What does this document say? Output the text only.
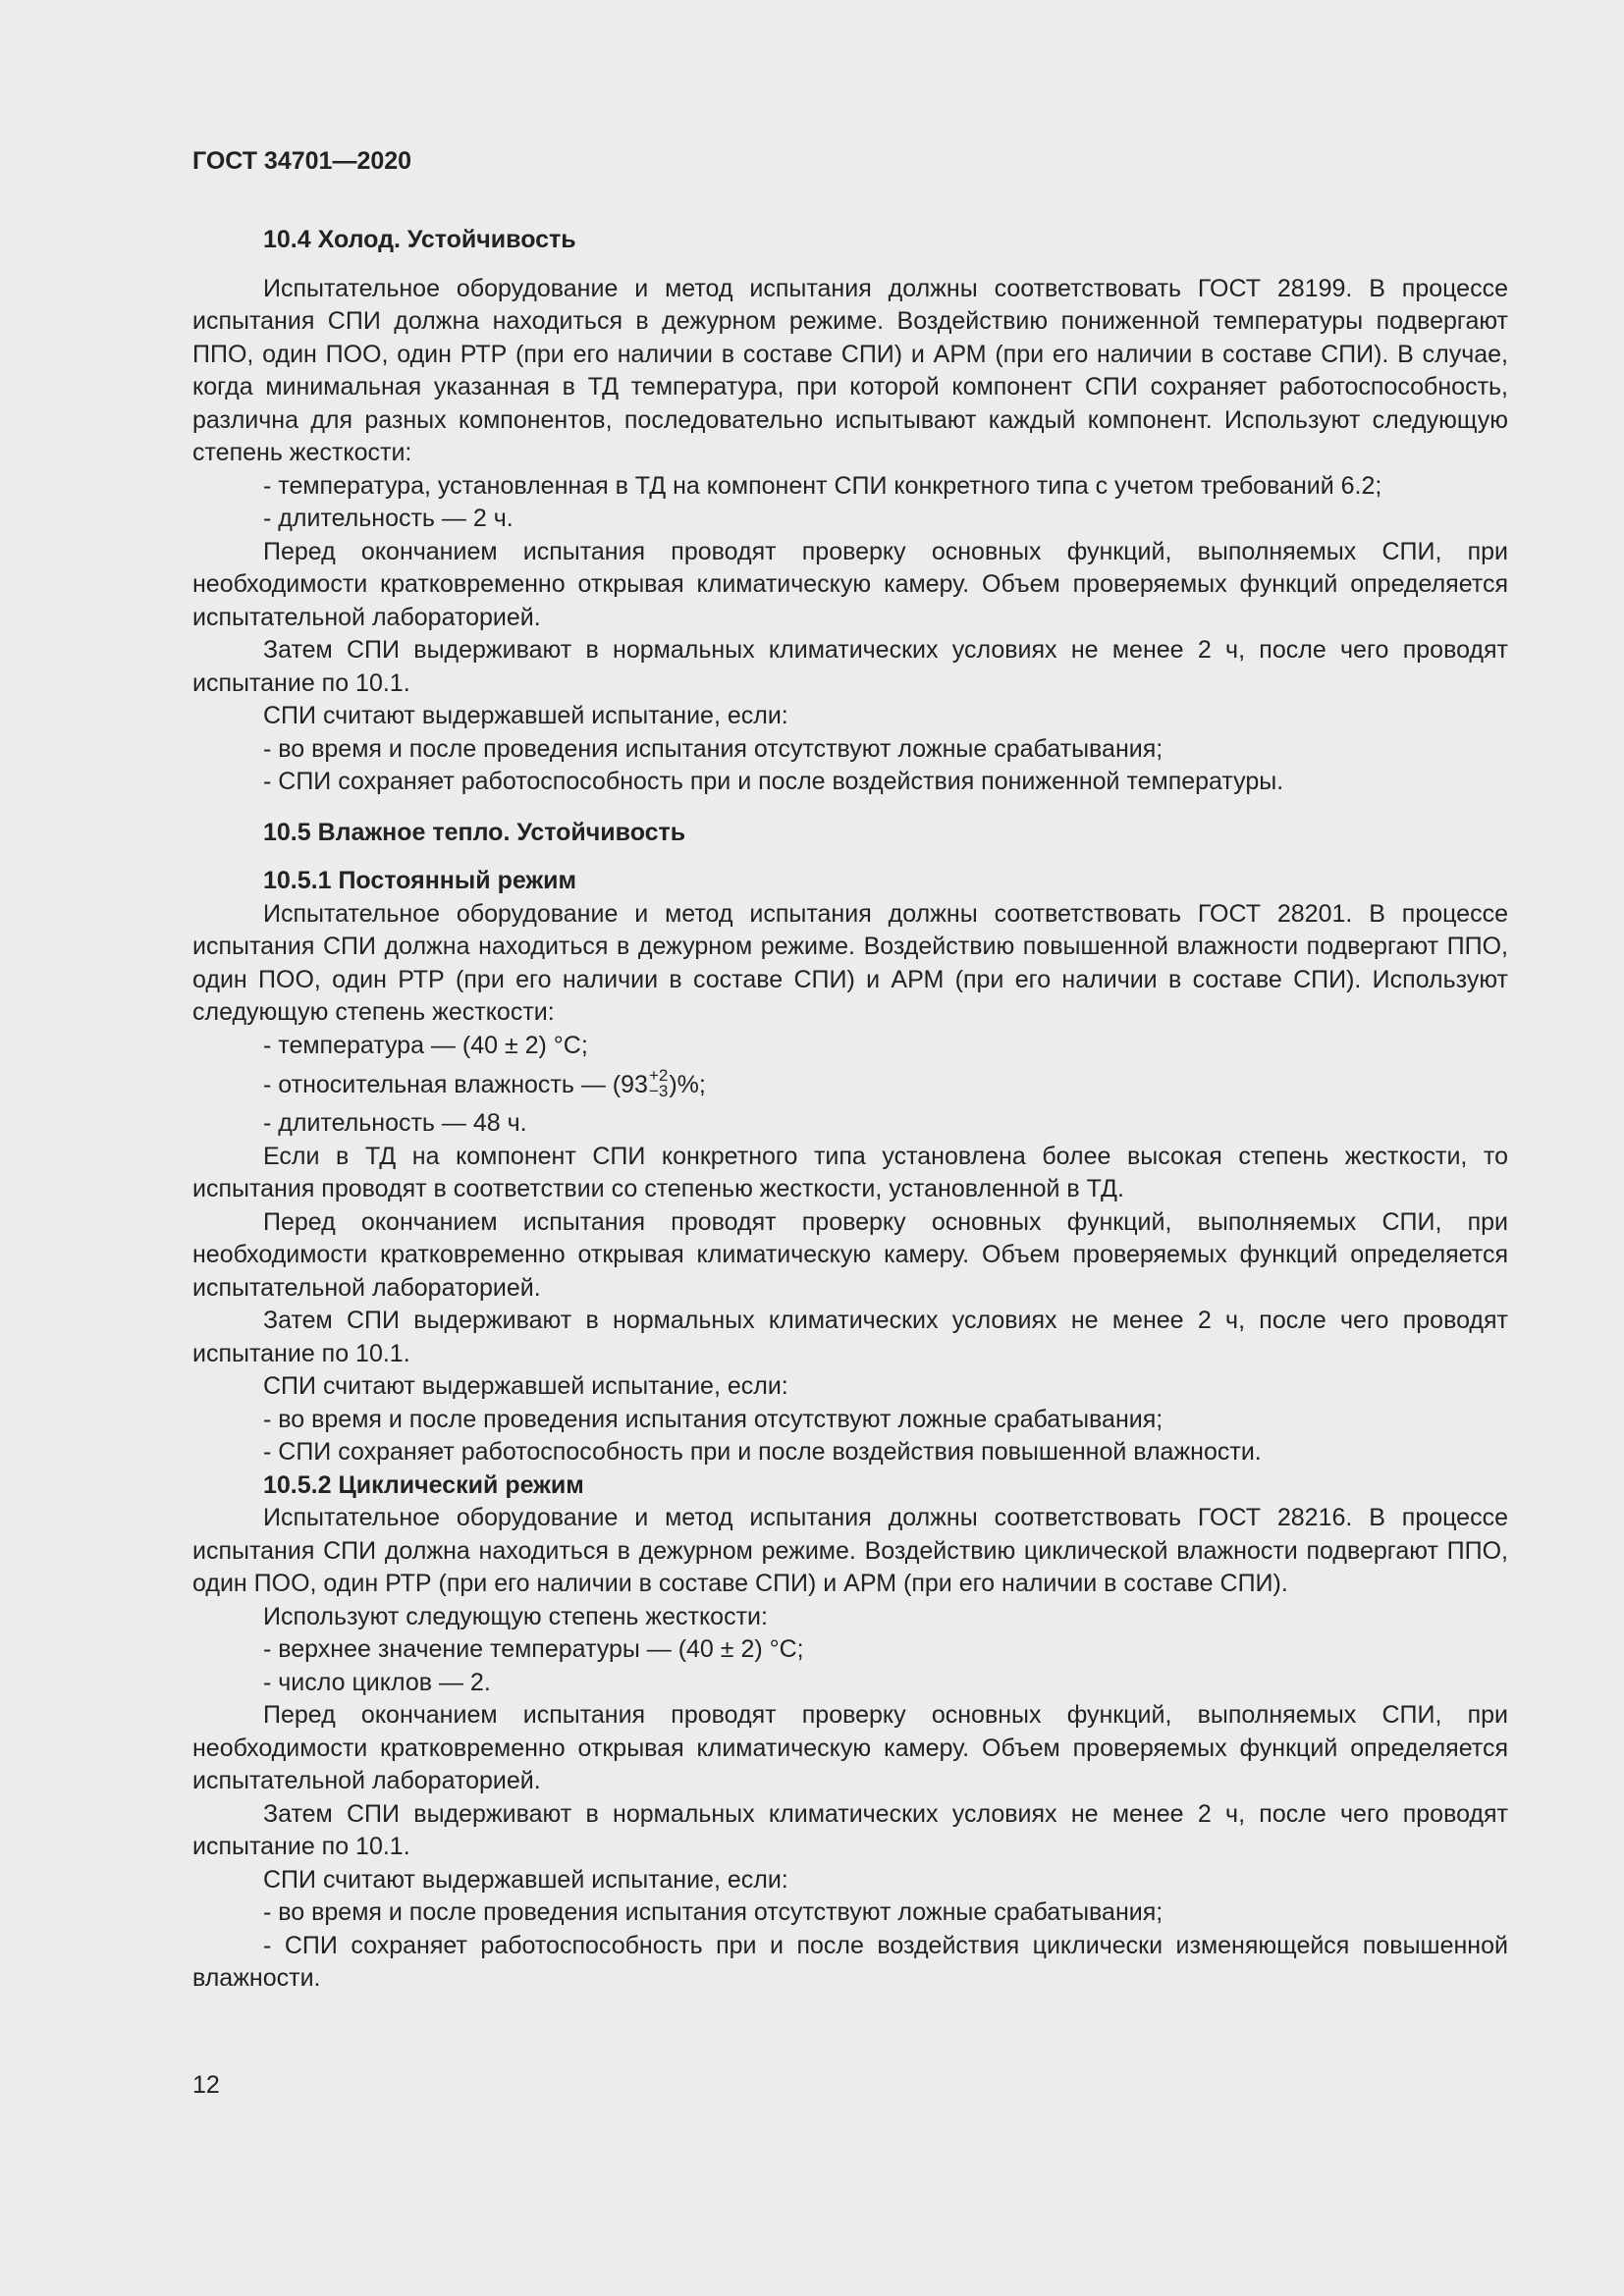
ГОСТ 34701—2020

10.4 Холод. Устойчивость

Испытательное оборудование и метод испытания должны соответствовать ГОСТ 28199. В процессе испытания СПИ должна находиться в дежурном режиме. Воздействию пониженной температуры подвергают ППО, один ПОО, один РТР (при его наличии в составе СПИ) и АРМ (при его наличии в составе СПИ). В случае, когда минимальная указанная в ТД температура, при которой компонент СПИ сохраняет работоспособность, различна для разных компонентов, последовательно испытывают каждый компонент. Используют следующую степень жесткости:

- температура, установленная в ТД на компонент СПИ конкретного типа с учетом требований 6.2;

- длительность — 2 ч.

Перед окончанием испытания проводят проверку основных функций, выполняемых СПИ, при необходимости кратковременно открывая климатическую камеру. Объем проверяемых функций определяется испытательной лабораторией.

Затем СПИ выдерживают в нормальных климатических условиях не менее 2 ч, после чего проводят испытание по 10.1.

СПИ считают выдержавшей испытание, если:

- во время и после проведения испытания отсутствуют ложные срабатывания;

- СПИ сохраняет работоспособность при и после воздействия пониженной температуры.

10.5 Влажное тепло. Устойчивость

10.5.1 Постоянный режим

Испытательное оборудование и метод испытания должны соответствовать ГОСТ 28201. В процессе испытания СПИ должна находиться в дежурном режиме. Воздействию повышенной влажности подвергают ППО, один ПОО, один РТР (при его наличии в составе СПИ) и АРМ (при его наличии в составе СПИ). Используют следующую степень жесткости:

- температура — (40 ± 2) °С;

- относительная влажность — (93 +2
−3 )%;

- длительность — 48 ч.

Если в ТД на компонент СПИ конкретного типа установлена более высокая степень жесткости, то испытания проводят в соответствии со степенью жесткости, установленной в ТД.

Перед окончанием испытания проводят проверку основных функций, выполняемых СПИ, при необходимости кратковременно открывая климатическую камеру. Объем проверяемых функций определяется испытательной лабораторией.

Затем СПИ выдерживают в нормальных климатических условиях не менее 2 ч, после чего проводят испытание по 10.1.

СПИ считают выдержавшей испытание, если:

- во время и после проведения испытания отсутствуют ложные срабатывания;

- СПИ сохраняет работоспособность при и после воздействия повышенной влажности.

10.5.2 Циклический режим

Испытательное оборудование и метод испытания должны соответствовать ГОСТ 28216. В процессе испытания СПИ должна находиться в дежурном режиме. Воздействию циклической влажности подвергают ППО, один ПОО, один РТР (при его наличии в составе СПИ) и АРМ (при его наличии в составе СПИ).

Используют следующую степень жесткости:

- верхнее значение температуры — (40 ± 2) °С;

- число циклов — 2.

Перед окончанием испытания проводят проверку основных функций, выполняемых СПИ, при необходимости кратковременно открывая климатическую камеру. Объем проверяемых функций определяется испытательной лабораторией.

Затем СПИ выдерживают в нормальных климатических условиях не менее 2 ч, после чего проводят испытание по 10.1.

СПИ считают выдержавшей испытание, если:

- во время и после проведения испытания отсутствуют ложные срабатывания;

- СПИ сохраняет работоспособность при и после воздействия циклически изменяющейся повышенной влажности.

12
